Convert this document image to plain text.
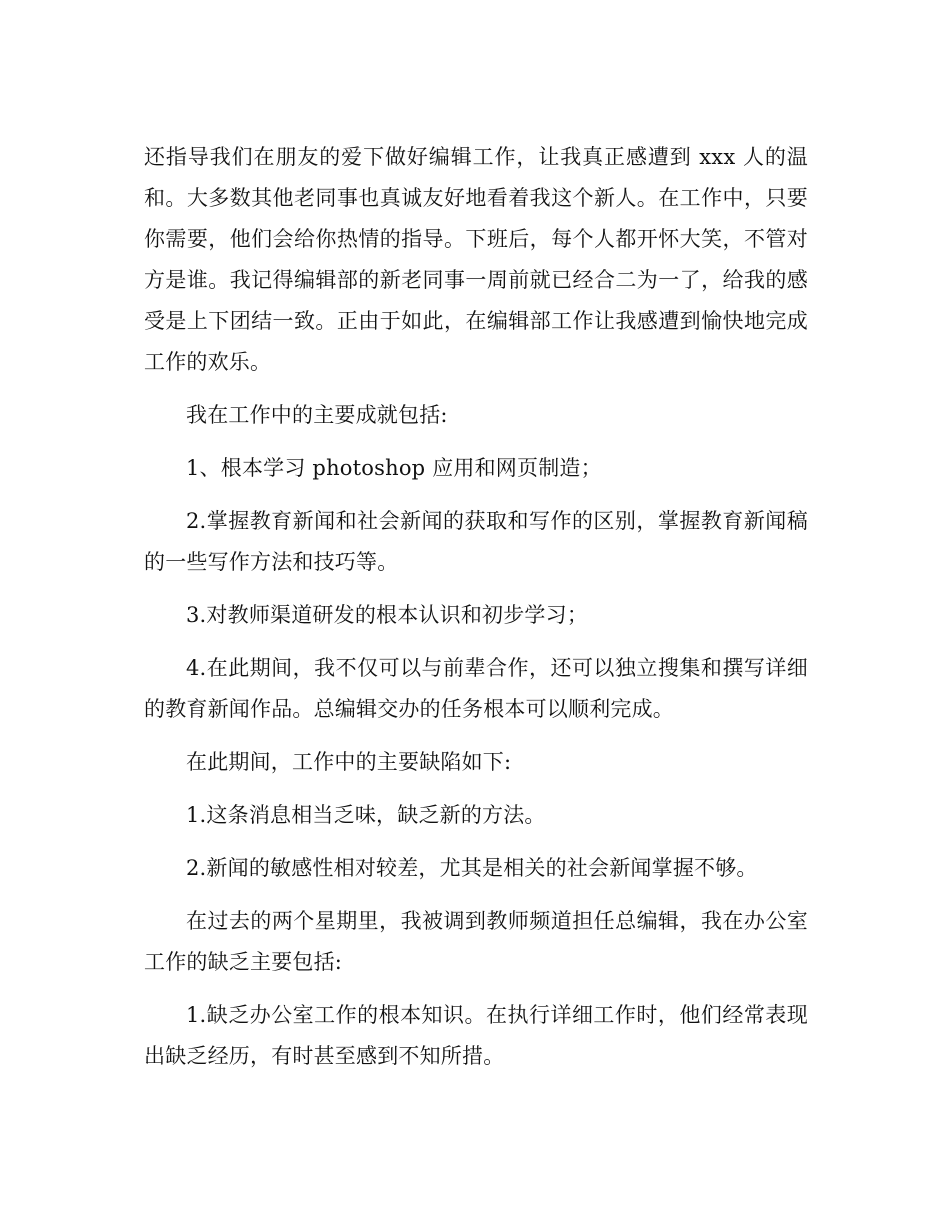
还指导我们在朋友的爱下做好编辑工作，让我真正感遭到 xxx 人的温和。大多数其他老同事也真诚友好地看着我这个新人。在工作中，只要你需要，他们会给你热情的指导。下班后，每个人都开怀大笑，不管对方是谁。我记得编辑部的新老同事一周前就已经合二为一了，给我的感受是上下团结一致。正由于如此，在编辑部工作让我感遭到愉快地完成工作的欢乐。

我在工作中的主要成就包括:

1、根本学习 photoshop 应用和网页制造；

2.掌握教育新闻和社会新闻的获取和写作的区别，掌握教育新闻稿的一些写作方法和技巧等。

3.对教师渠道研发的根本认识和初步学习；

4.在此期间，我不仅可以与前辈合作，还可以独立搜集和撰写详细的教育新闻作品。总编辑交办的任务根本可以顺利完成。

在此期间，工作中的主要缺陷如下:

1.这条消息相当乏味，缺乏新的方法。

2.新闻的敏感性相对较差，尤其是相关的社会新闻掌握不够。

在过去的两个星期里，我被调到教师频道担任总编辑，我在办公室工作的缺乏主要包括:

1.缺乏办公室工作的根本知识。在执行详细工作时，他们经常表现出缺乏经历，有时甚至感到不知所措。
